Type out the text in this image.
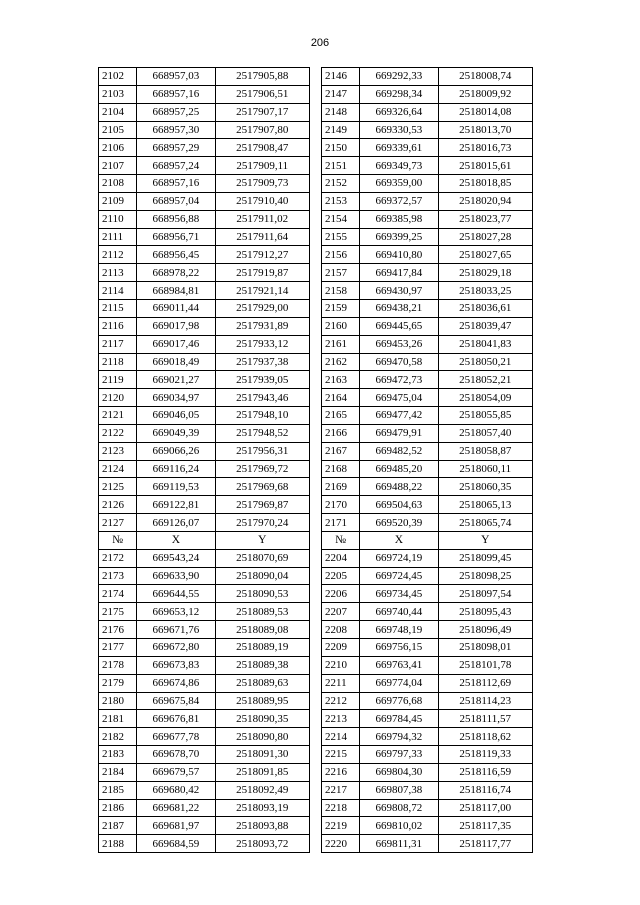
206
2102	668957,03	2517905,88		2146	669292,33	2518008,74
2103	668957,16	2517906,51		2147	669298,34	2518009,92
2104	668957,25	2517907,17		2148	669326,64	2518014,08
2105	668957,30	2517907,80		2149	669330,53	2518013,70
2106	668957,29	2517908,47		2150	669339,61	2518016,73
2107	668957,24	2517909,11		2151	669349,73	2518015,61
2108	668957,16	2517909,73		2152	669359,00	2518018,85
2109	668957,04	2517910,40		2153	669372,57	2518020,94
2110	668956,88	2517911,02		2154	669385,98	2518023,77
2111	668956,71	2517911,64		2155	669399,25	2518027,28
2112	668956,45	2517912,27		2156	669410,80	2518027,65
2113	668978,22	2517919,87		2157	669417,84	2518029,18
2114	668984,81	2517921,14		2158	669430,97	2518033,25
2115	669011,44	2517929,00		2159	669438,21	2518036,61
2116	669017,98	2517931,89		2160	669445,65	2518039,47
2117	669017,46	2517933,12		2161	669453,26	2518041,83
2118	669018,49	2517937,38		2162	669470,58	2518050,21
2119	669021,27	2517939,05		2163	669472,73	2518052,21
2120	669034,97	2517943,46		2164	669475,04	2518054,09
2121	669046,05	2517948,10		2165	669477,42	2518055,85
2122	669049,39	2517948,52		2166	669479,91	2518057,40
2123	669066,26	2517956,31		2167	669482,52	2518058,87
2124	669116,24	2517969,72		2168	669485,20	2518060,11
2125	669119,53	2517969,68		2169	669488,22	2518060,35
2126	669122,81	2517969,87		2170	669504,63	2518065,13
2127	669126,07	2517970,24		2171	669520,39	2518065,74
№	X	Y		№	X	Y
2172	669543,24	2518070,69		2204	669724,19	2518099,45
2173	669633,90	2518090,04		2205	669724,45	2518098,25
2174	669644,55	2518090,53		2206	669734,45	2518097,54
2175	669653,12	2518089,53		2207	669740,44	2518095,43
2176	669671,76	2518089,08		2208	669748,19	2518096,49
2177	669672,80	2518089,19		2209	669756,15	2518098,01
2178	669673,83	2518089,38		2210	669763,41	2518101,78
2179	669674,86	2518089,63		2211	669774,04	2518112,69
2180	669675,84	2518089,95		2212	669776,68	2518114,23
2181	669676,81	2518090,35		2213	669784,45	2518111,57
2182	669677,78	2518090,80		2214	669794,32	2518118,62
2183	669678,70	2518091,30		2215	669797,33	2518119,33
2184	669679,57	2518091,85		2216	669804,30	2518116,59
2185	669680,42	2518092,49		2217	669807,38	2518116,74
2186	669681,22	2518093,19		2218	669808,72	2518117,00
2187	669681,97	2518093,88		2219	669810,02	2518117,35
2188	669684,59	2518093,72		2220	669811,31	2518117,77
